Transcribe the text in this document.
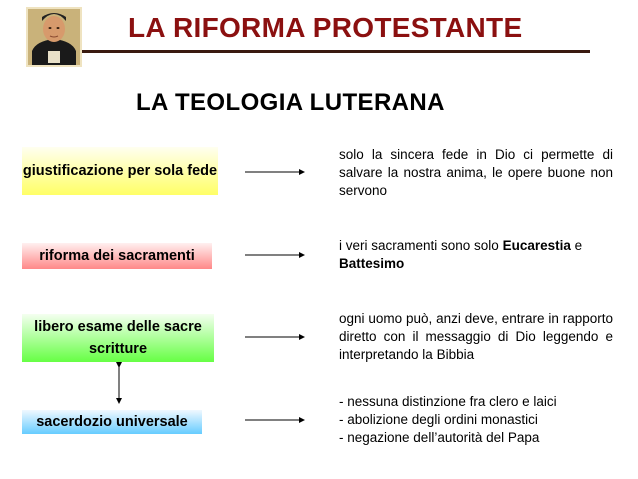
LA RIFORMA PROTESTANTE
LA TEOLOGIA LUTERANA
giustificazione per sola fede
riforma dei sacramenti
libero esame delle sacre scritture
sacerdozio universale
solo la sincera fede in Dio ci permette di salvare la nostra anima, le opere buone non servono
i veri sacramenti sono solo Eucarestia e
Battesimo
ogni uomo può, anzi deve, entrare in rapporto diretto con il messaggio di Dio leggendo e interpretando la Bibbia
- nessuna distinzione fra clero e laici
- abolizione degli ordini monastici
- negazione dell’autorità del Papa
